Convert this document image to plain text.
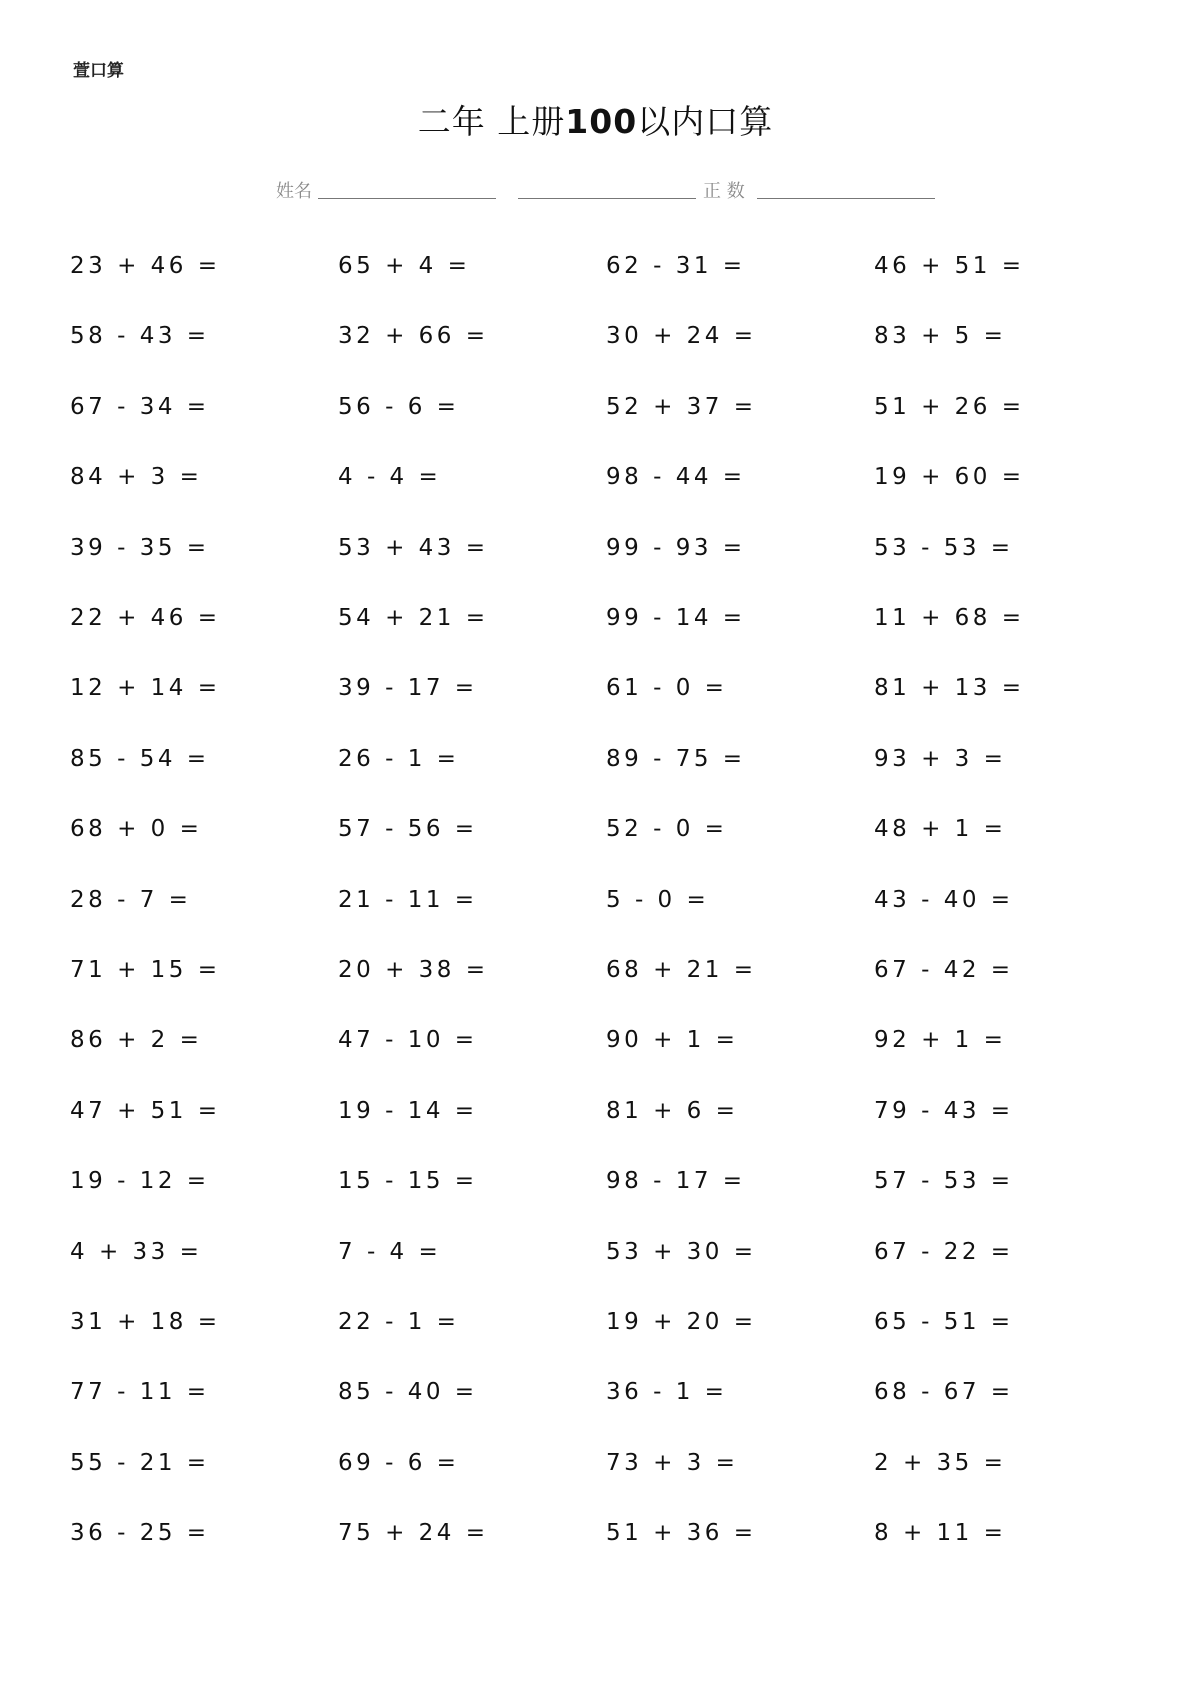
萱口算
二年 上册100以内口算
姓名	正 数
23 + 46 =	65 + 4 =	62 - 31 =	46 + 51 =
58 - 43 =	32 + 66 =	30 + 24 =	83 + 5 =
67 - 34 =	56 - 6 =	52 + 37 =	51 + 26 =
84 + 3 =	4 - 4 =	98 - 44 =	19 + 60 =
39 - 35 =	53 + 43 =	99 - 93 =	53 - 53 =
22 + 46 =	54 + 21 =	99 - 14 =	11 + 68 =
12 + 14 =	39 - 17 =	61 - 0 =	81 + 13 =
85 - 54 =	26 - 1 =	89 - 75 =	93 + 3 =
68 + 0 =	57 - 56 =	52 - 0 =	48 + 1 =
28 - 7 =	21 - 11 =	5 - 0 =	43 - 40 =
71 + 15 =	20 + 38 =	68 + 21 =	67 - 42 =
86 + 2 =	47 - 10 =	90 + 1 =	92 + 1 =
47 + 51 =	19 - 14 =	81 + 6 =	79 - 43 =
19 - 12 =	15 - 15 =	98 - 17 =	57 - 53 =
4 + 33 =	7 - 4 =	53 + 30 =	67 - 22 =
31 + 18 =	22 - 1 =	19 + 20 =	65 - 51 =
77 - 11 =	85 - 40 =	36 - 1 =	68 - 67 =
55 - 21 =	69 - 6 =	73 + 3 =	2 + 35 =
36 - 25 =	75 + 24 =	51 + 36 =	8 + 11 =
